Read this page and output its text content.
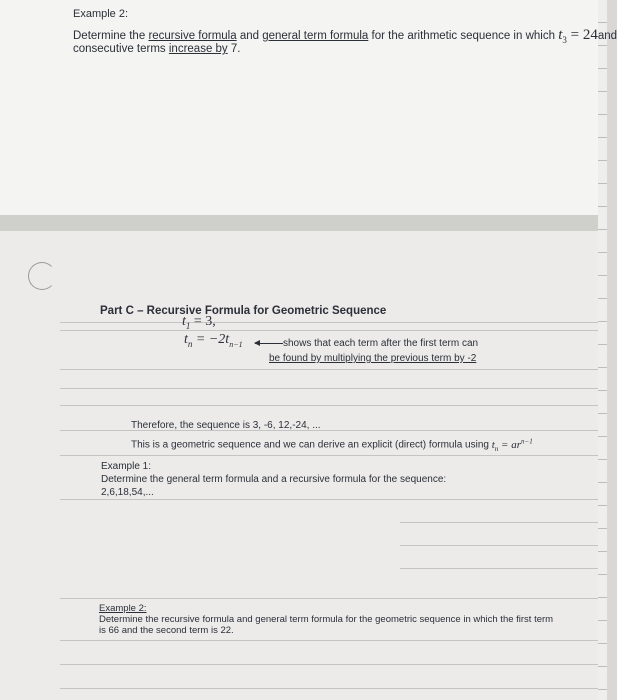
Example 2:
Determine the recursive formula and general term formula for the arithmetic sequence in which $t_3 = 24and$
consecutive terms increase by 7.
Part C – Recursive Formula for Geometric Sequence
$t_1 = 3$,
$t_n = -2t_{n-1}$	shows that each term after the first term can
be found by multiplying the previous term by -2
Therefore, the sequence is 3, -6, 12,-24, ...
This is a geometric sequence and we can derive an explicit (direct) formula using $t_n = ar^{n-1}$
Example 1:
Determine the general term formula and a recursive formula for the sequence:
2,6,18,54,...
Example 2:
Determine the recursive formula and general term formula for the geometric sequence in which the first term
is 66 and the second term is 22.
